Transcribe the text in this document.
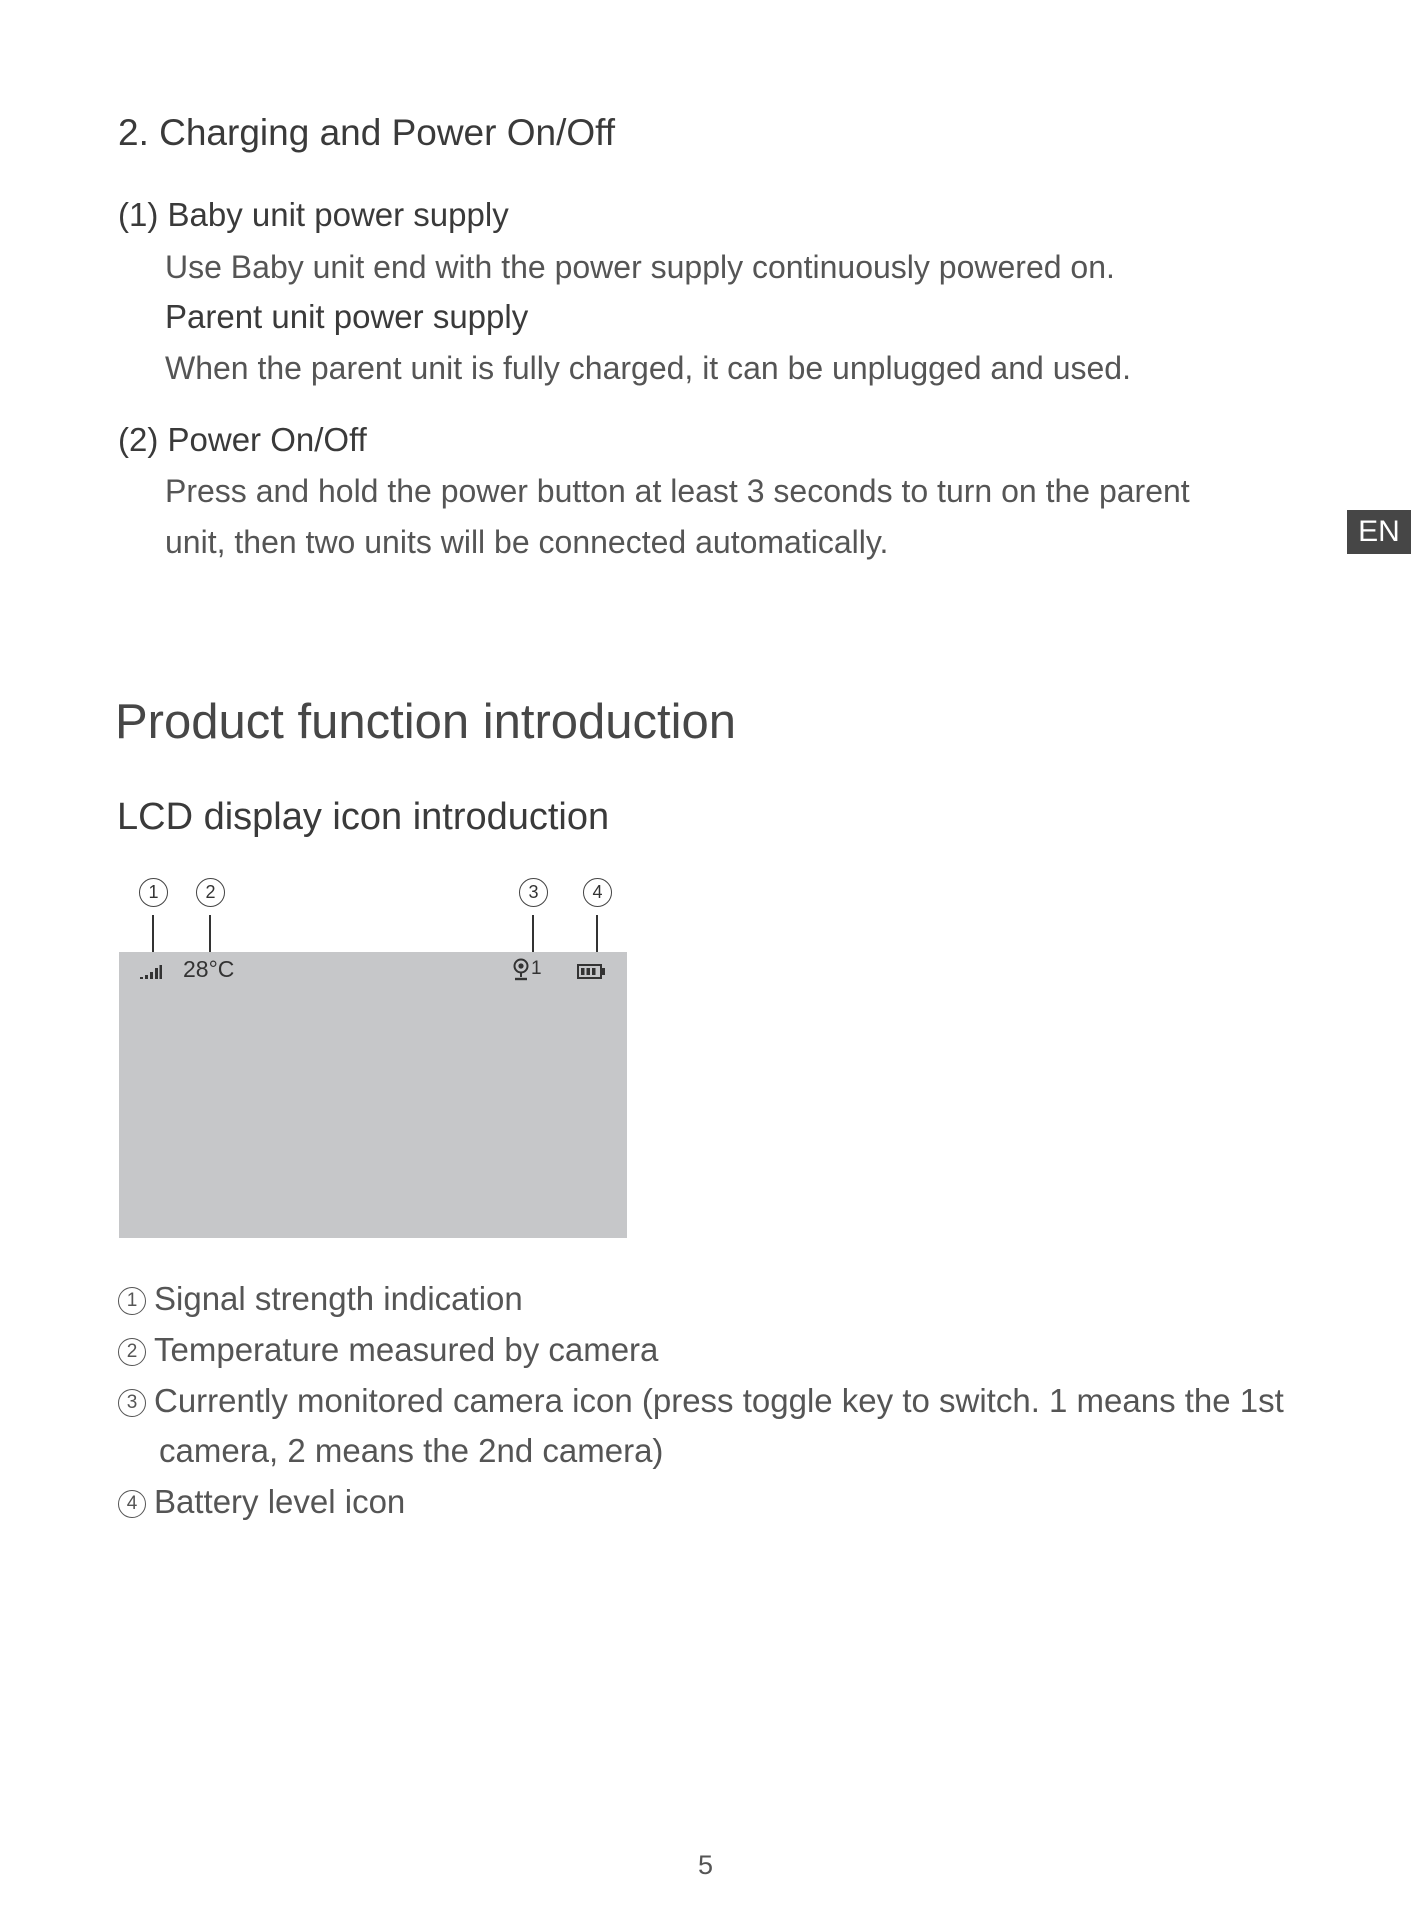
2. Charging and Power On/Off
(1) Baby unit power supply
Use Baby unit end with the power supply continuously powered on.
Parent unit power supply
When the parent unit is fully charged, it can be unplugged and used.
(2) Power On/Off
Press and hold the power button at least 3 seconds to turn on the parent
unit, then two units will be connected automatically.	EN
Product function introduction
LCD display icon introduction
1	2	3	4
28°C	1
1 Signal strength indication
2 Temperature measured by camera
3 Currently monitored camera icon (press toggle key to switch. 1 means the 1st
camera, 2 means the 2nd camera)
4 Battery level icon
5
